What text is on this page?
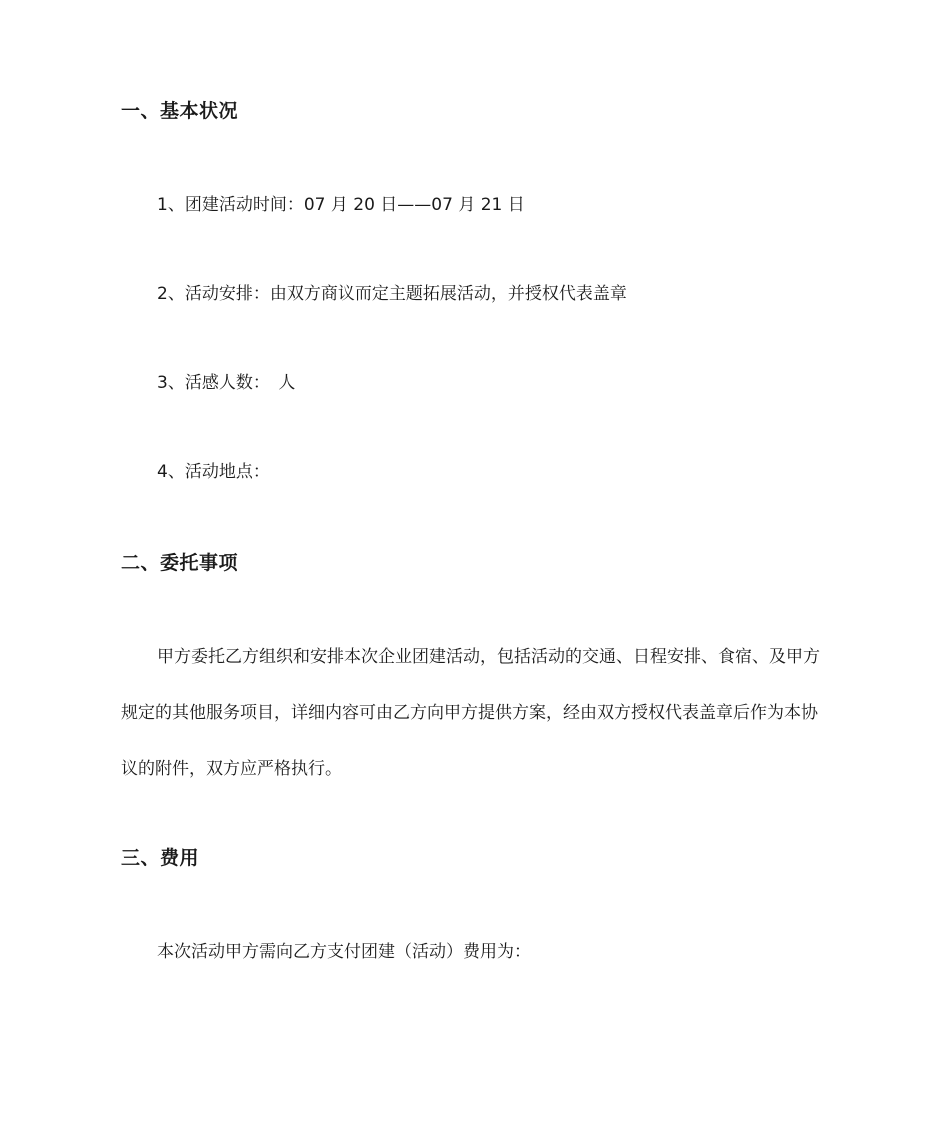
一、基本状况
1、团建活动时间：07 月 20 日——07 月 21 日
2、活动安排：由双方商议而定主题拓展活动，并授权代表盖章
3、活感人数：　人
4、活动地点：
二、委托事项

甲方委托乙方组织和安排本次企业团建活动，包括活动的交通、日程安排、食宿、及甲方规定的其他服务项目，详细内容可由乙方向甲方提供方案，经由双方授权代表盖章后作为本协议的附件，双方应严格执行。

三、费用

本次活动甲方需向乙方支付团建（活动）费用为：
